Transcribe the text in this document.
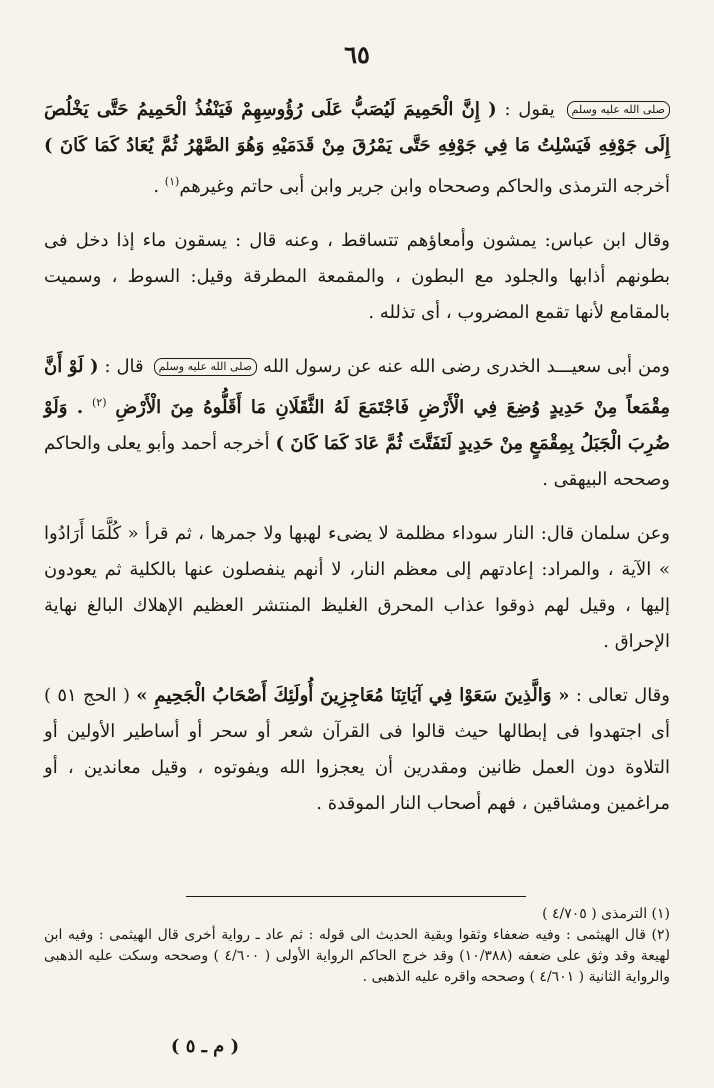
٦٥

صلى الله عليه وسلم يقول : ( إِنَّ الْحَمِيمَ لَيُصَبُّ عَلَى رُؤُوسِهِمْ فَيَنْفُذُ الْحَمِيمُ حَتَّى يَخْلُصَ إِلَى جَوْفِهِ فَيَسْلِتُ مَا فِي جَوْفِهِ حَتَّى يَمْرُقَ مِنْ قَدَمَيْهِ وَهُوَ الصَّهْرُ ثُمَّ يُعَادُ كَمَا كَانَ ) أخرجه الترمذى والحاكم وصححاه وابن جرير وابن أبى حاتم وغيرهم$^{(١)}$ .

وقال ابن عباس: يمشون وأمعاؤهم تتساقط ، وعنه قال : يسقون ماء إذا دخل فى بطونهم أذابها والجلود مع البطون ، والمقمعة المطرقة وقيل: السوط ، وسميت بالمقامع لأنها تقمع المضروب ، أى تذلله .

ومن أبى سعيـــد الخدرى رضى الله عنه عن رسول الله صلى الله عليه وسلم قال : ( لَوْ أَنَّ مِقْمَعاً مِنْ حَدِيدٍ وُضِعَ فِي الْأَرْضِ فَاجْتَمَعَ لَهُ الثَّقَلَانِ مَا أَقَلُّوهُ مِنَ الْأَرْضِ $^{(٢)}$ . وَلَوْ ضُرِبَ الْجَبَلُ بِمِقْمَعٍ مِنْ حَدِيدٍ لَتَفَتَّتَ ثُمَّ عَادَ كَمَا كَانَ ) أخرجه أحمد وأبو يعلى والحاكم وصححه البيهقى .

وعن سلمان قال: النار سوداء مظلمة لا يضىء لهبها ولا جمرها ، ثم قرأ « كُلَّمَا أَرَادُوا » الآية ، والمراد: إعادتهم إلى معظم النار، لا أنهم ينفصلون عنها بالكلية ثم يعودون إليها ، وقيل لهم ذوقوا عذاب المحرق الغليظ المنتشر العظيم الإهلاك البالغ نهاية الإحراق .

وقال تعالى : « وَالَّذِينَ سَعَوْا فِي آيَاتِنَا مُعَاجِزِينَ أُولَئِكَ أَصْحَابُ الْجَحِيمِ » ( الحج ٥١ ) أى اجتهدوا فى إبطالها حيث قالوا فى القرآن شعر أو سحر أو أساطير الأولين أو التلاوة دون العمل ظانين ومقدرين أن يعجزوا الله ويفوتوه ، وقيل معاندين ، أو مراغمين ومشاقين ، فهم أصحاب النار الموقدة .

(١) الترمذى ( ٤/٧٠٥ )

(٢) قال الهيثمى : وفيه ضعفاء وثقوا وبقية الحديث الى قوله : ثم عاد ـ رواية أخرى قال الهيثمى : وفيه ابن لهيعة وقد وثق على ضعفه (١٠/٣٨٨) وقد خرج الحاكم الرواية الأولى ( ٤/٦٠٠ ) وصححه وسكت عليه الذهبى والرواية الثانية ( ٤/٦٠١ ) وصححه واقره عليه الذهبى .

( م ـ ٥ )
